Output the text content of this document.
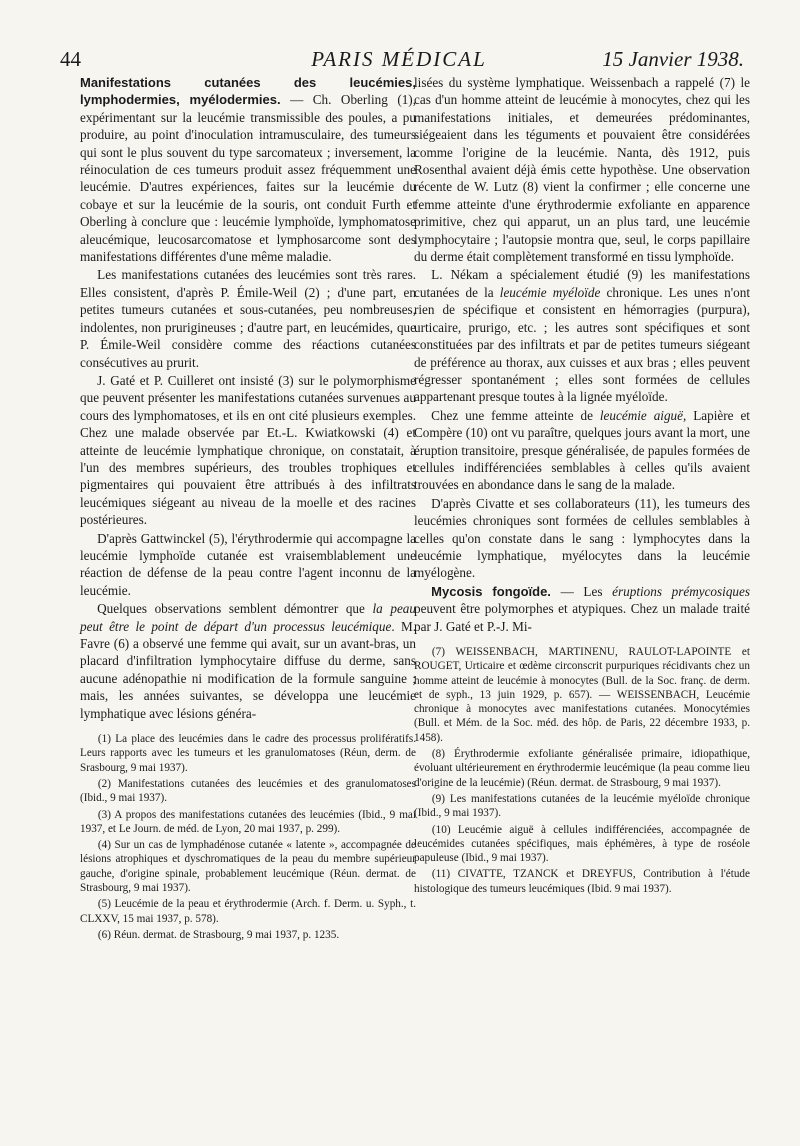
44	PARIS MÉDICAL	15 Janvier 1938.

Manifestations cutanées des leucémies, lymphodermies, myélodermies. — Ch. Oberling (1), expérimentant sur la leucémie transmissible des poules, a pu produire, au point d'inoculation intramusculaire, des tumeurs qui sont le plus souvent du type sarcomateux ; inversement, la réinoculation de ces tumeurs produit assez fréquemment une leucémie. D'autres expériences, faites sur la leucémie du cobaye et sur la leucémie de la souris, ont conduit Furth et Oberling à conclure que : leucémie lymphoïde, lymphomatose aleucémique, leucosarcomatose et lymphosarcome sont des manifestations différentes d'une même maladie.

Les manifestations cutanées des leucémies sont très rares. Elles consistent, d'après P. Émile-Weil (2) ; d'une part, en petites tumeurs cutanées et sous-cutanées, peu nombreuses, indolentes, non prurigineuses ; d'autre part, en leucémides, que P. Émile-Weil considère comme des réactions cutanées consécutives au prurit.

J. Gaté et P. Cuilleret ont insisté (3) sur le polymorphisme que peuvent présenter les manifestations cutanées survenues au cours des lymphomatoses, et ils en ont cité plusieurs exemples. Chez une malade observée par Et.-L. Kwiatkowski (4) et atteinte de leucémie lymphatique chronique, on constatait, à l'un des membres supérieurs, des troubles trophiques et pigmentaires qui pouvaient être attribués à des infiltrats leucémiques siégeant au niveau de la moelle et des racines postérieures.

D'après Gattwinckel (5), l'érythrodermie qui accompagne la leucémie lymphoïde cutanée est vraisemblablement une réaction de défense de la peau contre l'agent inconnu de la leucémie.

Quelques observations semblent démontrer que la peau peut être le point de départ d'un processus leucémique. M. Favre (6) a observé une femme qui avait, sur un avant-bras, un placard d'infiltration lymphocytaire diffuse du derme, sans aucune adénopathie ni modification de la formule sanguine ; mais, les années suivantes, se développa une leucémie lymphatique avec lésions généra-

(1) La place des leucémies dans le cadre des processus prolifératifs. Leurs rapports avec les tumeurs et les granulomatoses (Réun, derm. de Srasbourg, 9 mai 1937).

(2) Manifestations cutanées des leucémies et des granulomatoses (Ibid., 9 mai 1937).

(3) A propos des manifestations cutanées des leucémies (Ibid., 9 mai 1937, et Le Journ. de méd. de Lyon, 20 mai 1937, p. 299).

(4) Sur un cas de lymphadénose cutanée « latente », accompagnée de lésions atrophiques et dyschromatiques de la peau du membre supérieur gauche, d'origine spinale, probablement leucémique (Réun. dermat. de Strasbourg, 9 mai 1937).

(5) Leucémie de la peau et érythrodermie (Arch. f. Derm. u. Syph., t. CLXXV, 15 mai 1937, p. 578).

(6) Réun. dermat. de Strasbourg, 9 mai 1937, p. 1235.

lisées du système lymphatique. Weissenbach a rappelé (7) le cas d'un homme atteint de leucémie à monocytes, chez qui les manifestations initiales, et demeurées prédominantes, siégeaient dans les téguments et pouvaient être considérées comme l'origine de la leucémie. Nanta, dès 1912, puis Rosenthal avaient déjà émis cette hypothèse. Une observation récente de W. Lutz (8) vient la confirmer ; elle concerne une femme atteinte d'une érythrodermie exfoliante en apparence primitive, chez qui apparut, un an plus tard, une leucémie lymphocytaire ; l'autopsie montra que, seul, le corps papillaire du derme était complètement transformé en tissu lymphoïde.

L. Nékam a spécialement étudié (9) les manifestations cutanées de la leucémie myéloïde chronique. Les unes n'ont rien de spécifique et consistent en hémorragies (purpura), urticaire, prurigo, etc. ; les autres sont spécifiques et sont constituées par des infiltrats et par de petites tumeurs siégeant de préférence au thorax, aux cuisses et aux bras ; elles peuvent régresser spontanément ; elles sont formées de cellules appartenant presque toutes à la lignée myéloïde.

Chez une femme atteinte de leucémie aiguë, Lapière et Compère (10) ont vu paraître, quelques jours avant la mort, une éruption transitoire, presque généralisée, de papules formées de cellules indifférenciées semblables à celles qu'ils avaient trouvées en abondance dans le sang de la malade.

D'après Civatte et ses collaborateurs (11), les tumeurs des leucémies chroniques sont formées de cellules semblables à celles qu'on constate dans le sang : lymphocytes dans la leucémie lymphatique, myélocytes dans la leucémie myélogène.

Mycosis fongoïde. — Les éruptions prémycosiques peuvent être polymorphes et atypiques. Chez un malade traité par J. Gaté et P.-J. Mi-

(7) WEISSENBACH, MARTINENU, RAULOT-LAPOINTE et ROUGET, Urticaire et œdème circonscrit purpuriques récidivants chez un homme atteint de leucémie à monocytes (Bull. de la Soc. franç. de derm. et de syph., 13 juin 1929, p. 657). — WEISSENBACH, Leucémie chronique à monocytes avec manifestations cutanées. Monocytémies (Bull. et Mém. de la Soc. méd. des hôp. de Paris, 22 décembre 1933, p. 1458).

(8) Érythrodermie exfoliante généralisée primaire, idiopathique, évoluant ultérieurement en érythrodermie leucémique (la peau comme lieu d'origine de la leucémie) (Réun. dermat. de Strasbourg, 9 mai 1937).

(9) Les manifestations cutanées de la leucémie myéloïde chronique (Ibid., 9 mai 1937).

(10) Leucémie aiguë à cellules indifférenciées, accompagnée de leucémides cutanées spécifiques, mais éphémères, à type de roséole papuleuse (Ibid., 9 mai 1937).

(11) CIVATTE, TZANCK et DREYFUS, Contribution à l'étude histologique des tumeurs leucémiques (Ibid. 9 mai 1937).
